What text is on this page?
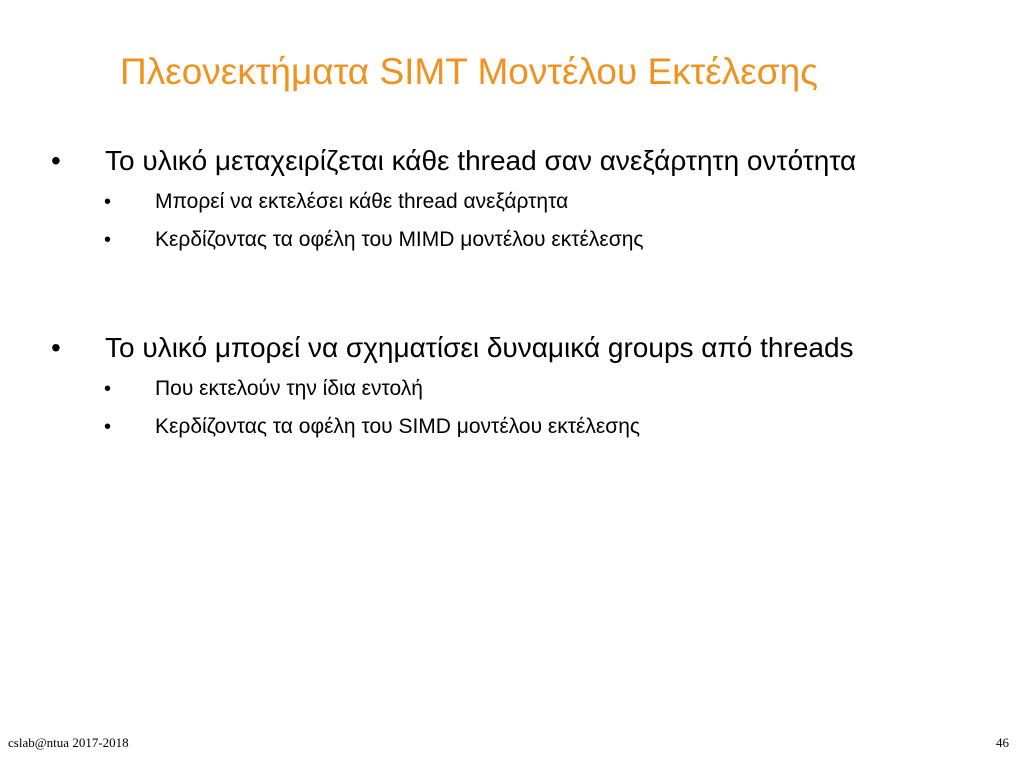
Πλεονεκτήματα SIMT Μοντέλου Εκτέλεσης
• Το υλικό μεταχειρίζεται κάθε thread σαν ανεξάρτητη οντότητα
• Μπορεί να εκτελέσει κάθε thread ανεξάρτητα
• Κερδίζοντας τα οφέλη του MIMD μοντέλου εκτέλεσης
• Το υλικό μπορεί να σχηματίσει δυναμικά groups από threads
• Που εκτελούν την ίδια εντολή
• Κερδίζοντας τα οφέλη του SIMD μοντέλου εκτέλεσης
cslab@ntua 2017-2018	46
